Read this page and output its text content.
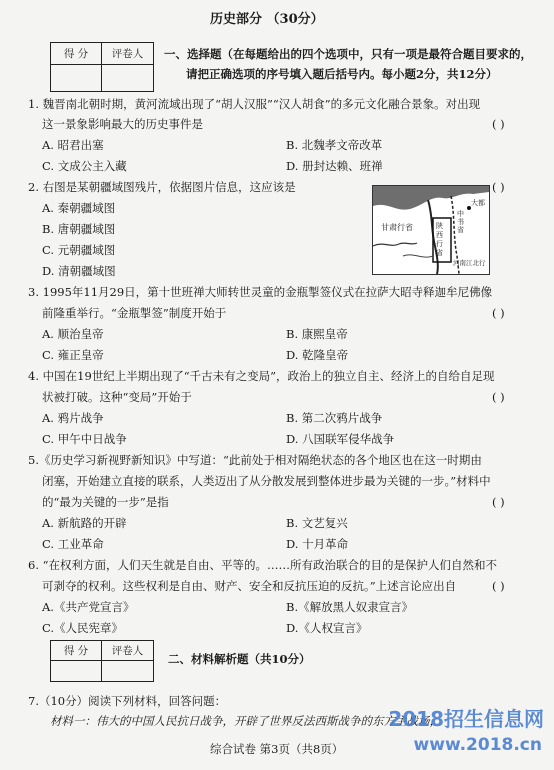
历史部分 （30分）
得 分	评卷人
	一、选择题（在每题给出的四个选项中，只有一项是最符合题目要求的，
请把正确选项的序号填入题后括号内。每小题2分，共12分）
1. 魏晋南北朝时期，黄河流域出现了“胡人汉服”“汉人胡食”的多元文化融合景象。对出现
这一景象影响最大的历史事件是	( )
A. 昭君出塞	B. 北魏孝文帝改革
C. 文成公主入藏	D. 册封达赖、班禅
2. 右图是某朝疆域图残片，依据图片信息，这应该是	( )
A. 秦朝疆域图
B. 唐朝疆域图
C. 元朝疆域图
D. 清朝疆域图
甘肃行省
中书省
陕西行省
河南江北行
大都
3. 1995年11月29日，第十世班禅大师转世灵童的金瓶掣签仪式在拉萨大昭寺释迦牟尼佛像
前隆重举行。“金瓶掣签”制度开始于	( )
A. 顺治皇帝	B. 康熙皇帝
C. 雍正皇帝	D. 乾隆皇帝
4. 中国在19世纪上半期出现了“千古未有之变局”，政治上的独立自主、经济上的自给自足现
状被打破。这种“变局”开始于	( )
A. 鸦片战争	B. 第二次鸦片战争
C. 甲午中日战争	D. 八国联军侵华战争
5.《历史学习新视野新知识》中写道：“此前处于相对隔绝状态的各个地区也在这一时期由
闭塞，开始建立直接的联系，人类迈出了从分散发展到整体进步最为关键的一步。”材料中
的“最为关键的一步”是指	( )
A. 新航路的开辟	B. 文艺复兴
C. 工业革命	D. 十月革命
6. “在权利方面，人们天生就是自由、平等的。……所有政治联合的目的是保护人们自然和不
可剥夺的权利。这些权利是自由、财产、安全和反抗压迫的反抗。”上述言论应出自	( )
A.《共产党宣言》	B.《解放黑人奴隶宣言》
C.《人民宪章》	D.《人权宣言》
得 分	评卷人

二、材料解析题（共10分）
7.（10分）阅读下列材料，回答问题：
材料一：伟大的中国人民抗日战争，开辟了世界反法西斯战争的东方主战场，
综合试卷 第3页（共8页）
2018招生信息网
www.2018.cn
